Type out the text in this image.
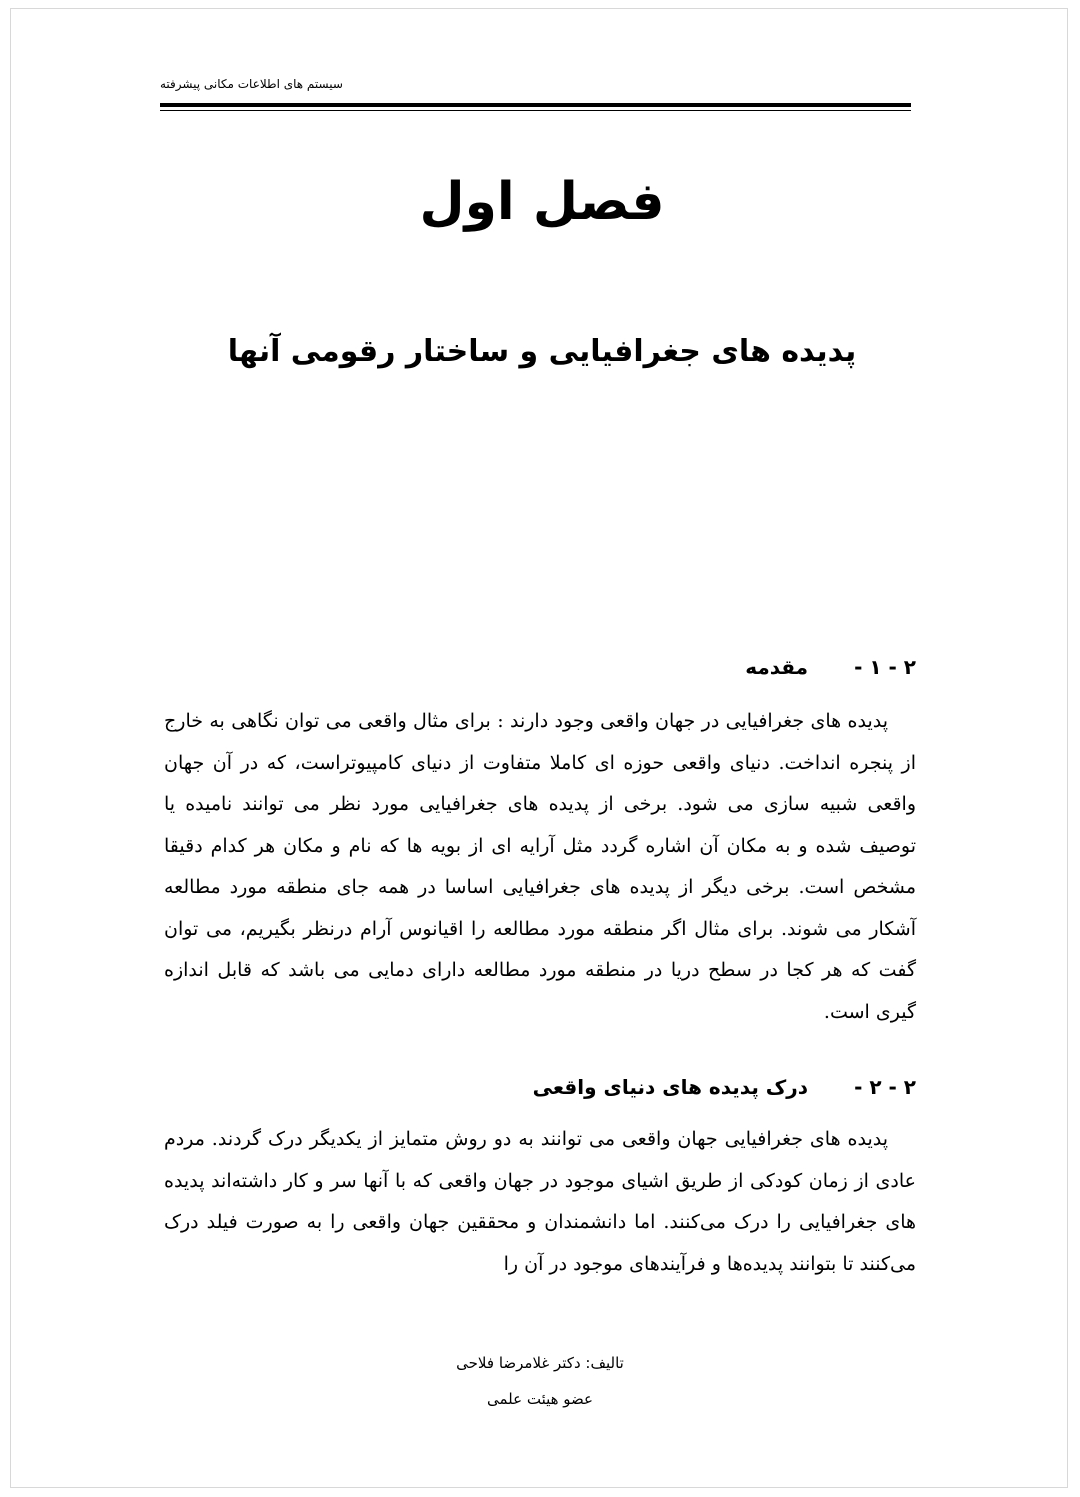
سیستم های اطلاعات مکانی پیشرفته
فصل اول
پدیده های جغرافیایی و ساختار رقومی آنها
۲ - ۱ -مقدمه
پدیده های جغرافیایی در جهان واقعی وجود دارند : برای مثال واقعی می توان نگاهی به خارج از پنجره انداخت. دنیای واقعی حوزه ای کاملا متفاوت از دنیای کامپیوتراست، که در آن جهان واقعی شبیه سازی می شود. برخی از پدیده های جغرافیایی مورد نظر می توانند نامیده یا توصیف شده و به مکان آن اشاره گردد مثل آرایه ای از بویه ها که نام و مکان هر کدام دقیقا مشخص است. برخی دیگر از پدیده های جغرافیایی اساسا در همه جای منطقه مورد مطالعه آشکار می شوند. برای مثال اگر منطقه مورد مطالعه را اقیانوس آرام درنظر بگیریم، می توان گفت که هر کجا در سطح دریا در منطقه مورد مطالعه دارای دمایی می باشد که قابل اندازه گیری است.
۲ - ۲ -درک پدیده های دنیای واقعی
پدیده های جغرافیایی جهان واقعی می توانند به دو روش متمایز از یکدیگر درک گردند. مردم عادی از زمان کودکی از طریق اشیای موجود در جهان واقعی که با آنها سر و کار داشته‌اند پدیده های جغرافیایی را درک می‌کنند. اما دانشمندان و محققین جهان واقعی را به صورت فیلد درک می‌کنند تا بتوانند پدیده‌ها و فرآیندهای موجود در آن را
تالیف: دکتر غلامرضا فلاحی
عضو هیئت علمی
